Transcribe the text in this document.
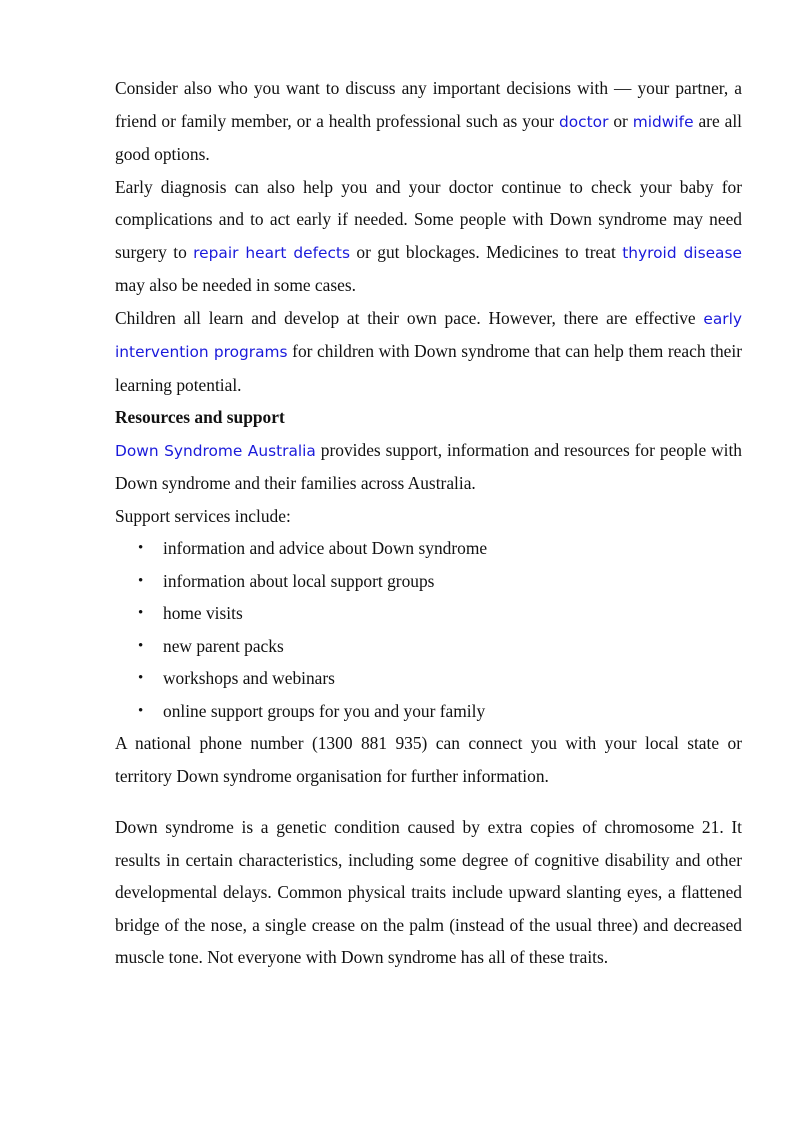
Consider also who you want to discuss any important decisions with — your partner, a friend or family member, or a health professional such as your doctor or midwife are all good options.

Early diagnosis can also help you and your doctor continue to check your baby for complications and to act early if needed. Some people with Down syndrome may need surgery to repair heart defects or gut blockages. Medicines to treat thyroid disease may also be needed in some cases.

Children all learn and develop at their own pace. However, there are effective early intervention programs for children with Down syndrome that can help them reach their learning potential.

Resources and support

Down Syndrome Australia provides support, information and resources for people with Down syndrome and their families across Australia.

Support services include:

• information and advice about Down syndrome
• information about local support groups
• home visits
• new parent packs
• workshops and webinars
• online support groups for you and your family

A national phone number (1300 881 935) can connect you with your local state or territory Down syndrome organisation for further information.

Down syndrome is a genetic condition caused by extra copies of chromosome 21. It results in certain characteristics, including some degree of cognitive disability and other developmental delays. Common physical traits include upward slanting eyes, a flattened bridge of the nose, a single crease on the palm (instead of the usual three) and decreased muscle tone. Not everyone with Down syndrome has all of these traits.
